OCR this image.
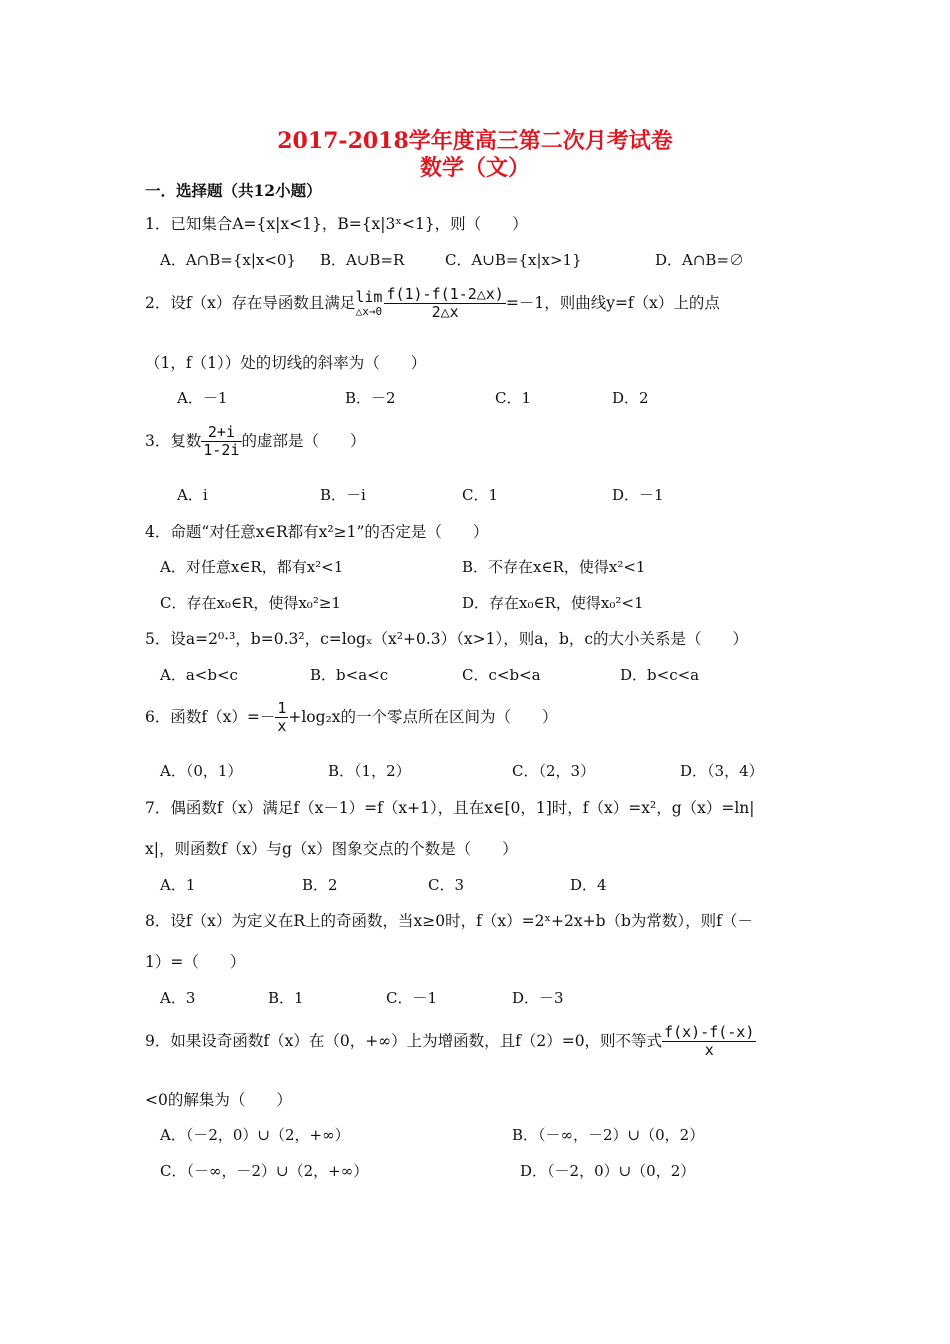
2017-2018学年度高三第二次月考试卷
数学（文）
一．选择题（共12小题）
1．已知集合A={x|x<1}，B={x|3ˣ<1}，则（　　）
A．A∩B={x|x<0} B．A∪B=R	C．A∪B={x|x>1}	D．A∩B=∅
2．设f（x）存在导函数且满足 lim
△x→0 $\frac{f(1)-f(1-2\triangle x)}{2\triangle x} =-1$，则曲线y=f（x）上的点
（1，f（1））处的切线的斜率为（　　）
A．－1	B．－2	C．1	D．2
3．复数 $\frac{2+i}{1-2i}$ 的虚部是（　　）
A．i	B．－i	C．1	D．－1
4．命题“对任意x∈R都有x²≥1”的否定是（　　）
A．对任意x∈R，都有x²<1	B．不存在x∈R，使得x²<1
C．存在x₀∈R，使得x₀²≥1	D．存在x₀∈R，使得x₀²<1
5．设a=2⁰·³，b=0.3²，c=logₓ（x²+0.3）（x>1），则a，b，c的大小关系是（　　）
A．a<b<c	B．b<a<c	C．c<b<a	D．b<c<a
6．函数$f(x)=- \frac{1}{x} +\log_2x$的一个零点所在区间为（　　）
A．（0，1）	B．（1，2）	C．（2，3）	D．（3，4）
7．偶函数f（x）满足f（x－1）=f（x+1），且在x∈[0，1]时，f（x）=x²，g（x）=ln|
x|，则函数f（x）与g（x）图象交点的个数是（　　）
A．1	B．2	C．3	D．4
8．设f（x）为定义在R上的奇函数，当x≥0时，f（x）=2ˣ+2x+b（b为常数），则f（－
1）=（　　）
A．3	B．1	C．－1	D．－3
9．如果设奇函数f（x）在（0，+∞）上为增函数，且f（2）=0，则不等式 $\frac{f(x)-f(-x)}{x}$
<0的解集为（　　）
A．（－2，0）∪（2，+∞）	B．（－∞，－2）∪（0，2）
C．（－∞，－2）∪（2，+∞）	D．（－2，0）∪（0，2）
